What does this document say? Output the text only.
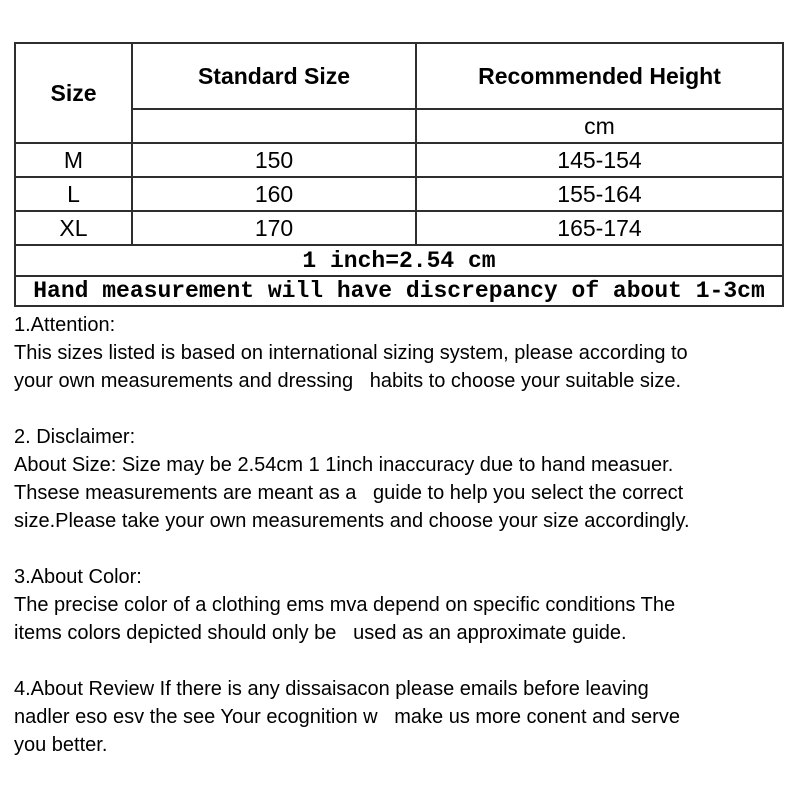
Size	Standard Size	Recommended Height
		cm
M	150	145-154
L	160	155-164
XL	170	165-174
1 inch=2.54 cm		
Hand measurement will have discrepancy of about 1-3cm		
1.Attention:
This sizes listed is based on international sizing system, please according to
your own measurements and dressing   habits to choose your suitable size.
2. Disclaimer:
About Size: Size may be 2.54cm 1 1inch inaccuracy due to hand measuer.
Thsese measurements are meant as a   guide to help you select the correct
size.Please take your own measurements and choose your size accordingly.
3.About Color:
The precise color of a clothing ems mva depend on specific conditions The
items colors depicted should only be   used as an approximate guide.
4.About Review If there is any dissaisacon please emails before leaving
nadler eso esv the see Your ecognition w   make us more conent and serve
you better.
